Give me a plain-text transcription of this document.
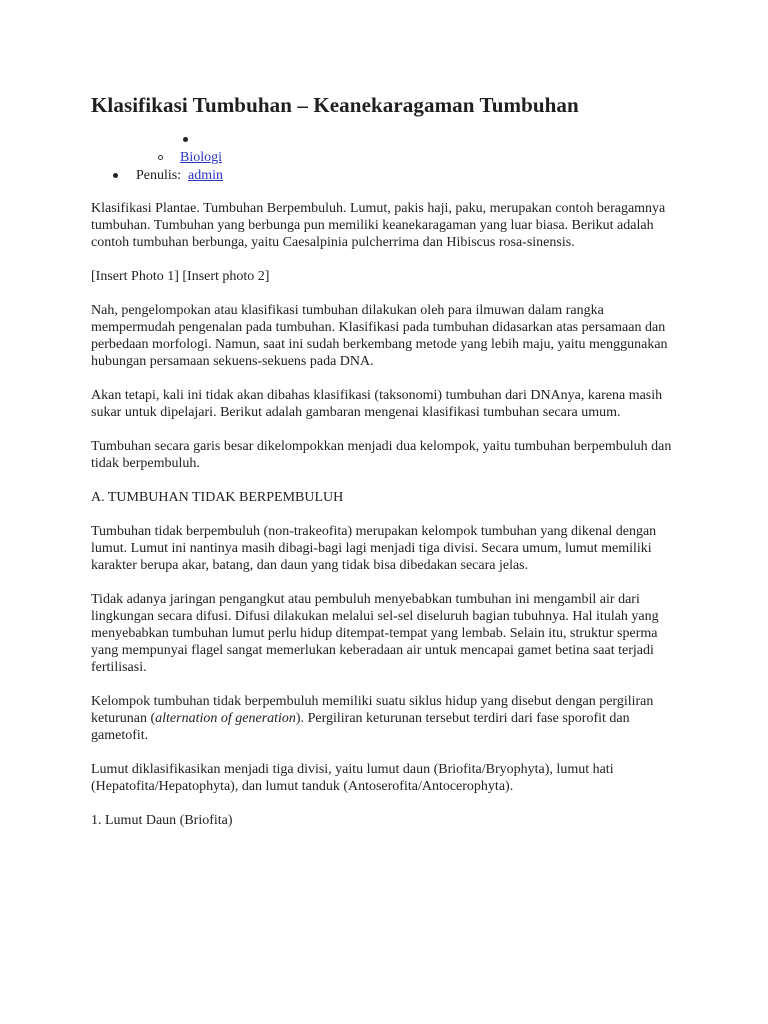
Klasifikasi Tumbuhan – Keanekaragaman Tumbuhan
Biologi
Penulis: admin

Klasifikasi Plantae. Tumbuhan Berpembuluh. Lumut, pakis haji, paku, merupakan contoh beragamnya tumbuhan. Tumbuhan yang berbunga pun memiliki keanekaragaman yang luar biasa. Berikut adalah contoh tumbuhan berbunga, yaitu Caesalpinia pulcherrima dan Hibiscus rosa-sinensis.

[Insert Photo 1] [Insert photo 2]

Nah, pengelompokan atau klasifikasi tumbuhan dilakukan oleh para ilmuwan dalam rangka mempermudah pengenalan pada tumbuhan. Klasifikasi pada tumbuhan didasarkan atas persamaan dan perbedaan morfologi. Namun, saat ini sudah berkembang metode yang lebih maju, yaitu menggunakan hubungan persamaan sekuens-sekuens pada DNA.

Akan tetapi, kali ini tidak akan dibahas klasifikasi (taksonomi) tumbuhan dari DNAnya, karena masih sukar untuk dipelajari. Berikut adalah gambaran mengenai klasifikasi tumbuhan secara umum.

Tumbuhan secara garis besar dikelompokkan menjadi dua kelompok, yaitu tumbuhan berpembuluh dan tidak berpembuluh.

A. TUMBUHAN TIDAK BERPEMBULUH

Tumbuhan tidak berpembuluh (non-trakeofita) merupakan kelompok tumbuhan yang dikenal dengan lumut. Lumut ini nantinya masih dibagi-bagi lagi menjadi tiga divisi. Secara umum, lumut memiliki karakter berupa akar, batang, dan daun yang tidak bisa dibedakan secara jelas.

Tidak adanya jaringan pengangkut atau pembuluh menyebabkan tumbuhan ini mengambil air dari lingkungan secara difusi. Difusi dilakukan melalui sel-sel diseluruh bagian tubuhnya. Hal itulah yang menyebabkan tumbuhan lumut perlu hidup ditempat-tempat yang lembab. Selain itu, struktur sperma yang mempunyai flagel sangat memerlukan keberadaan air untuk mencapai gamet betina saat terjadi fertilisasi.

Kelompok tumbuhan tidak berpembuluh memiliki suatu siklus hidup yang disebut dengan pergiliran keturunan (alternation of generation). Pergiliran keturunan tersebut terdiri dari fase sporofit dan gametofit.

Lumut diklasifikasikan menjadi tiga divisi, yaitu lumut daun (Briofita/Bryophyta), lumut hati (Hepatofita/Hepatophyta), dan lumut tanduk (Antoserofita/Antocerophyta).

1. Lumut Daun (Briofita)
